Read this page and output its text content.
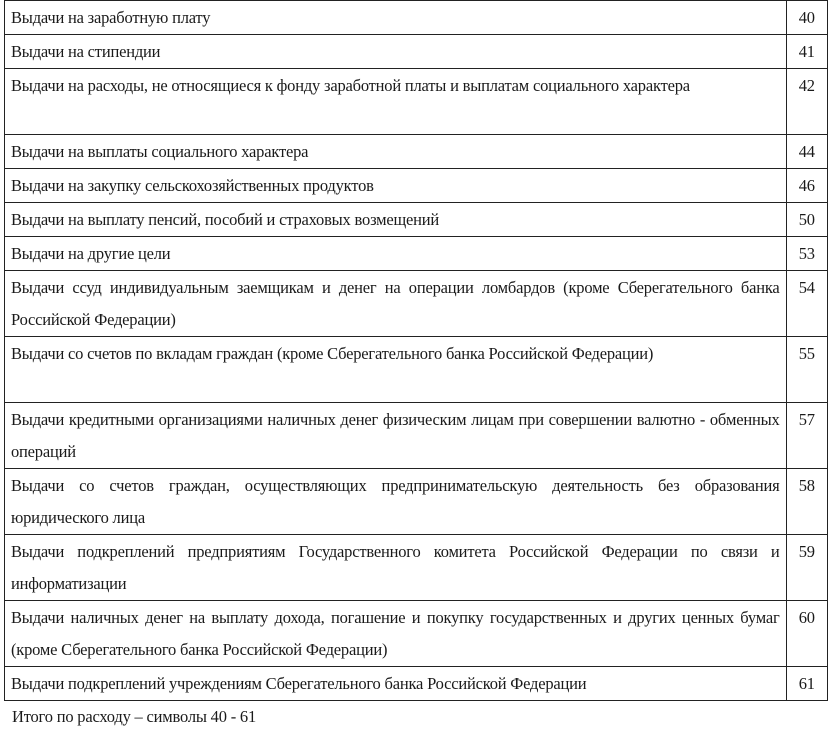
Выдачи на заработную плату	40
Выдачи на стипендии	41
Выдачи на расходы, не относящиеся к фонду заработной платы и выплатам социального характера	42
Выдачи на выплаты социального характера	44
Выдачи на закупку сельскохозяйственных продуктов	46
Выдачи на выплату пенсий, пособий и страховых возмещений	50
Выдачи на другие цели	53
Выдачи ссуд индивидуальным заемщикам и денег на операции ломбардов (кроме Сберегательного банка Российской Федерации)	54
Выдачи со счетов по вкладам граждан (кроме Сберегательного банка Российской Федерации)	55
Выдачи кредитными организациями наличных денег физическим лицам при совершении валютно - обменных операций	57
Выдачи со счетов граждан, осуществляющих предпринимательскую деятельность без образования юридического лица	58
Выдачи подкреплений предприятиям Государственного комитета Российской Федерации по связи и информатизации	59
Выдачи наличных денег на выплату дохода, погашение и покупку государственных и других ценных бумаг (кроме Сберегательного банка Российской Федерации)	60
Выдачи подкреплений учреждениям Сберегательного банка Российской Федерации	61
Итого по расходу – символы 40 - 61
